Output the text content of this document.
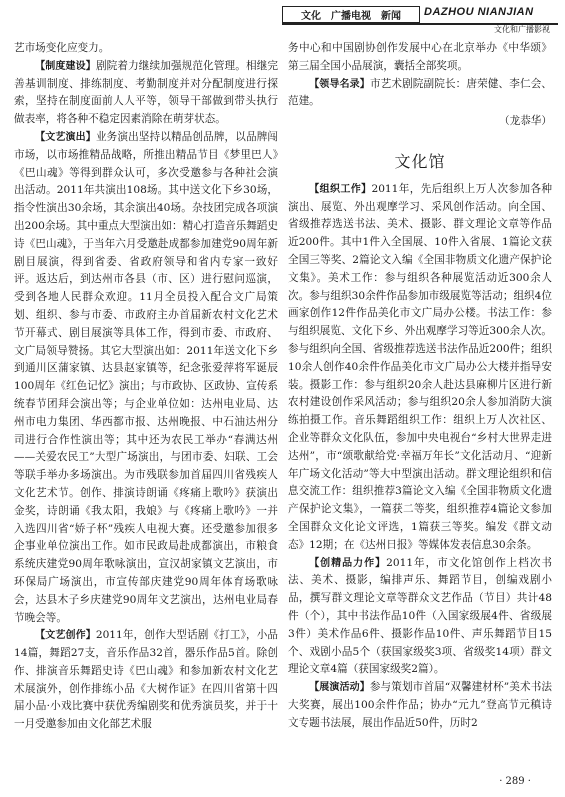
文化 广播电视 新闻 DAZHOU NIANJIAN
文化和广播影视

艺市场变化应变力。

【制度建设】剧院着力继续加强规范化管理。相继完善基训制度、排练制度、考勤制度并对分配制度进行探索，坚持在制度面前人人平等，领导干部做到带头执行做表率，将各种不稳定因素消除在萌芽状态。

【文艺演出】业务演出坚持以精品创品牌，以品牌闯市场，以市场推精品战略，所推出精品节目《梦里巴人》《巴山魂》等得到群众认可，多次受邀参与各种社会演出活动。2011年共演出108场。其中送文化下乡30场，指令性演出30余场，其余演出40场。杂技团完成各项演出200余场。其中重点大型演出如：精心打造音乐舞蹈史诗《巴山魂》，于当年六月受邀赴成都参加建党90周年新剧目展演，得到省委、省政府领导和省内专家一致好评。返达后，到达州市各县（市、区）进行慰问巡演，受到各地人民群众欢迎。11月全员投入配合文广局策划、组织、参与市委、市政府主办首届新农村文化艺术节开幕式、剧目展演等具体工作，得到市委、市政府、文广局领导赞扬。其它大型演出如：2011年送文化下乡到通川区蒲家镇、达县赵家镇等，纪念张爱萍将军诞辰100周年《红色记忆》演出；与市政协、区政协、宣传系统春节团拜会演出等；与企业单位如：达州电业局、达州市电力集团、华西都市报、达州晚报、中石油达州分司进行合作性演出等；其中还为农民工举办“春满达州——关爱农民工”大型广场演出，与团市委、妇联、工会等联手举办多场演出。为市残联参加首届四川省残疾人文化艺术节。创作、排演诗朗诵《疼痛上歌吟》获演出金奖，诗朗诵《我太阳，我娘》与《疼痛上歌吟》一并入选四川省“娇子杯”残疾人电视大赛。还受邀参加很多企事业单位演出工作。如市民政局赴成都演出，市粮食系统庆建党90周年歌咏演出，宣汉胡家镇文艺演出，市环保局广场演出，市宣传部庆建党90周年体育场歌咏会，达县木子乡庆建党90周年文艺演出，达州电业局春节晚会等。

【文艺创作】2011年，创作大型话剧《打工》，小品14篇，舞蹈27支，音乐作品32首，器乐作品5首。除创作、排演音乐舞蹈史诗《巴山魂》和参加新农村文化艺术展演外，创作排练小品《大树作证》在四川省第十四届小品·小戏比赛中获优秀编剧奖和优秀演员奖，并于十一月受邀参加由文化部艺术服

务中心和中国剧协创作发展中心在北京举办《中华颂》第三届全国小品展演，囊括全部奖项。

【领导名录】市艺术剧院副院长：唐荣健、李仁会、范建。

（龙恭华）
文化馆

【组织工作】2011年，先后组织上万人次参加各种演出、展览、外出观摩学习、采风创作活动。向全国、省级推荐选送书法、美术、摄影、群文理论文章等作品近200件。其中1件入全国展、10件入省展、1篇论文获全国三等奖、2篇论文入编《全国非物质文化遗产保护论文集》。美术工作：参与组织各种展览活动近300余人次。参与组织30余件作品参加市级展览等活动；组织4位画家创作12件作品美化市文广局办公楼。书法工作：参与组织展览、文化下乡、外出观摩学习等近300余人次。参与组织向全国、省级推荐选送书法作品近200件；组织10余人创作40余件作品美化市文广局办公大楼并指导安装。摄影工作：参与组织20余人赴达县麻柳片区进行新农村建设创作采风活动；参与组织20余人参加消防大演练拍摄工作。音乐舞蹈组织工作：组织上万人次社区、企业等群众文化队伍，参加中央电视台“乡村大世界走进达州”，市“颂歌献给党·幸福万年长”文化活动月、“迎新年广场文化活动”等大中型演出活动。群文理论组织和信息交流工作：组织推荐3篇论文入编《全国非物质文化遗产保护论文集》，一篇获二等奖，组织推荐4篇论文参加全国群众文化论文评选，1篇获三等奖。编发《群文动态》12期；在《达州日报》等媒体发表信息30余条。

【创精品力作】2011年，市文化馆创作上档次书法、美术、摄影，编排声乐、舞蹈节目，创编戏剧小品，撰写群文理论文章等群众文艺作品（节目）共计48件（个），其中书法作品10件（入国家级展4件、省级展3件）美术作品6件、摄影作品10件、声乐舞蹈节目15个、戏剧小品5个（获国家级奖3项、省级奖14项）群文理论文章4篇（获国家级奖2篇）。

【展演活动】参与策划市首届“双馨建材杯”美术书法大奖赛，展出100余件作品；协办“元九”登高节元稹诗文专题书法展，展出作品近50件，历时2

· 289 ·
